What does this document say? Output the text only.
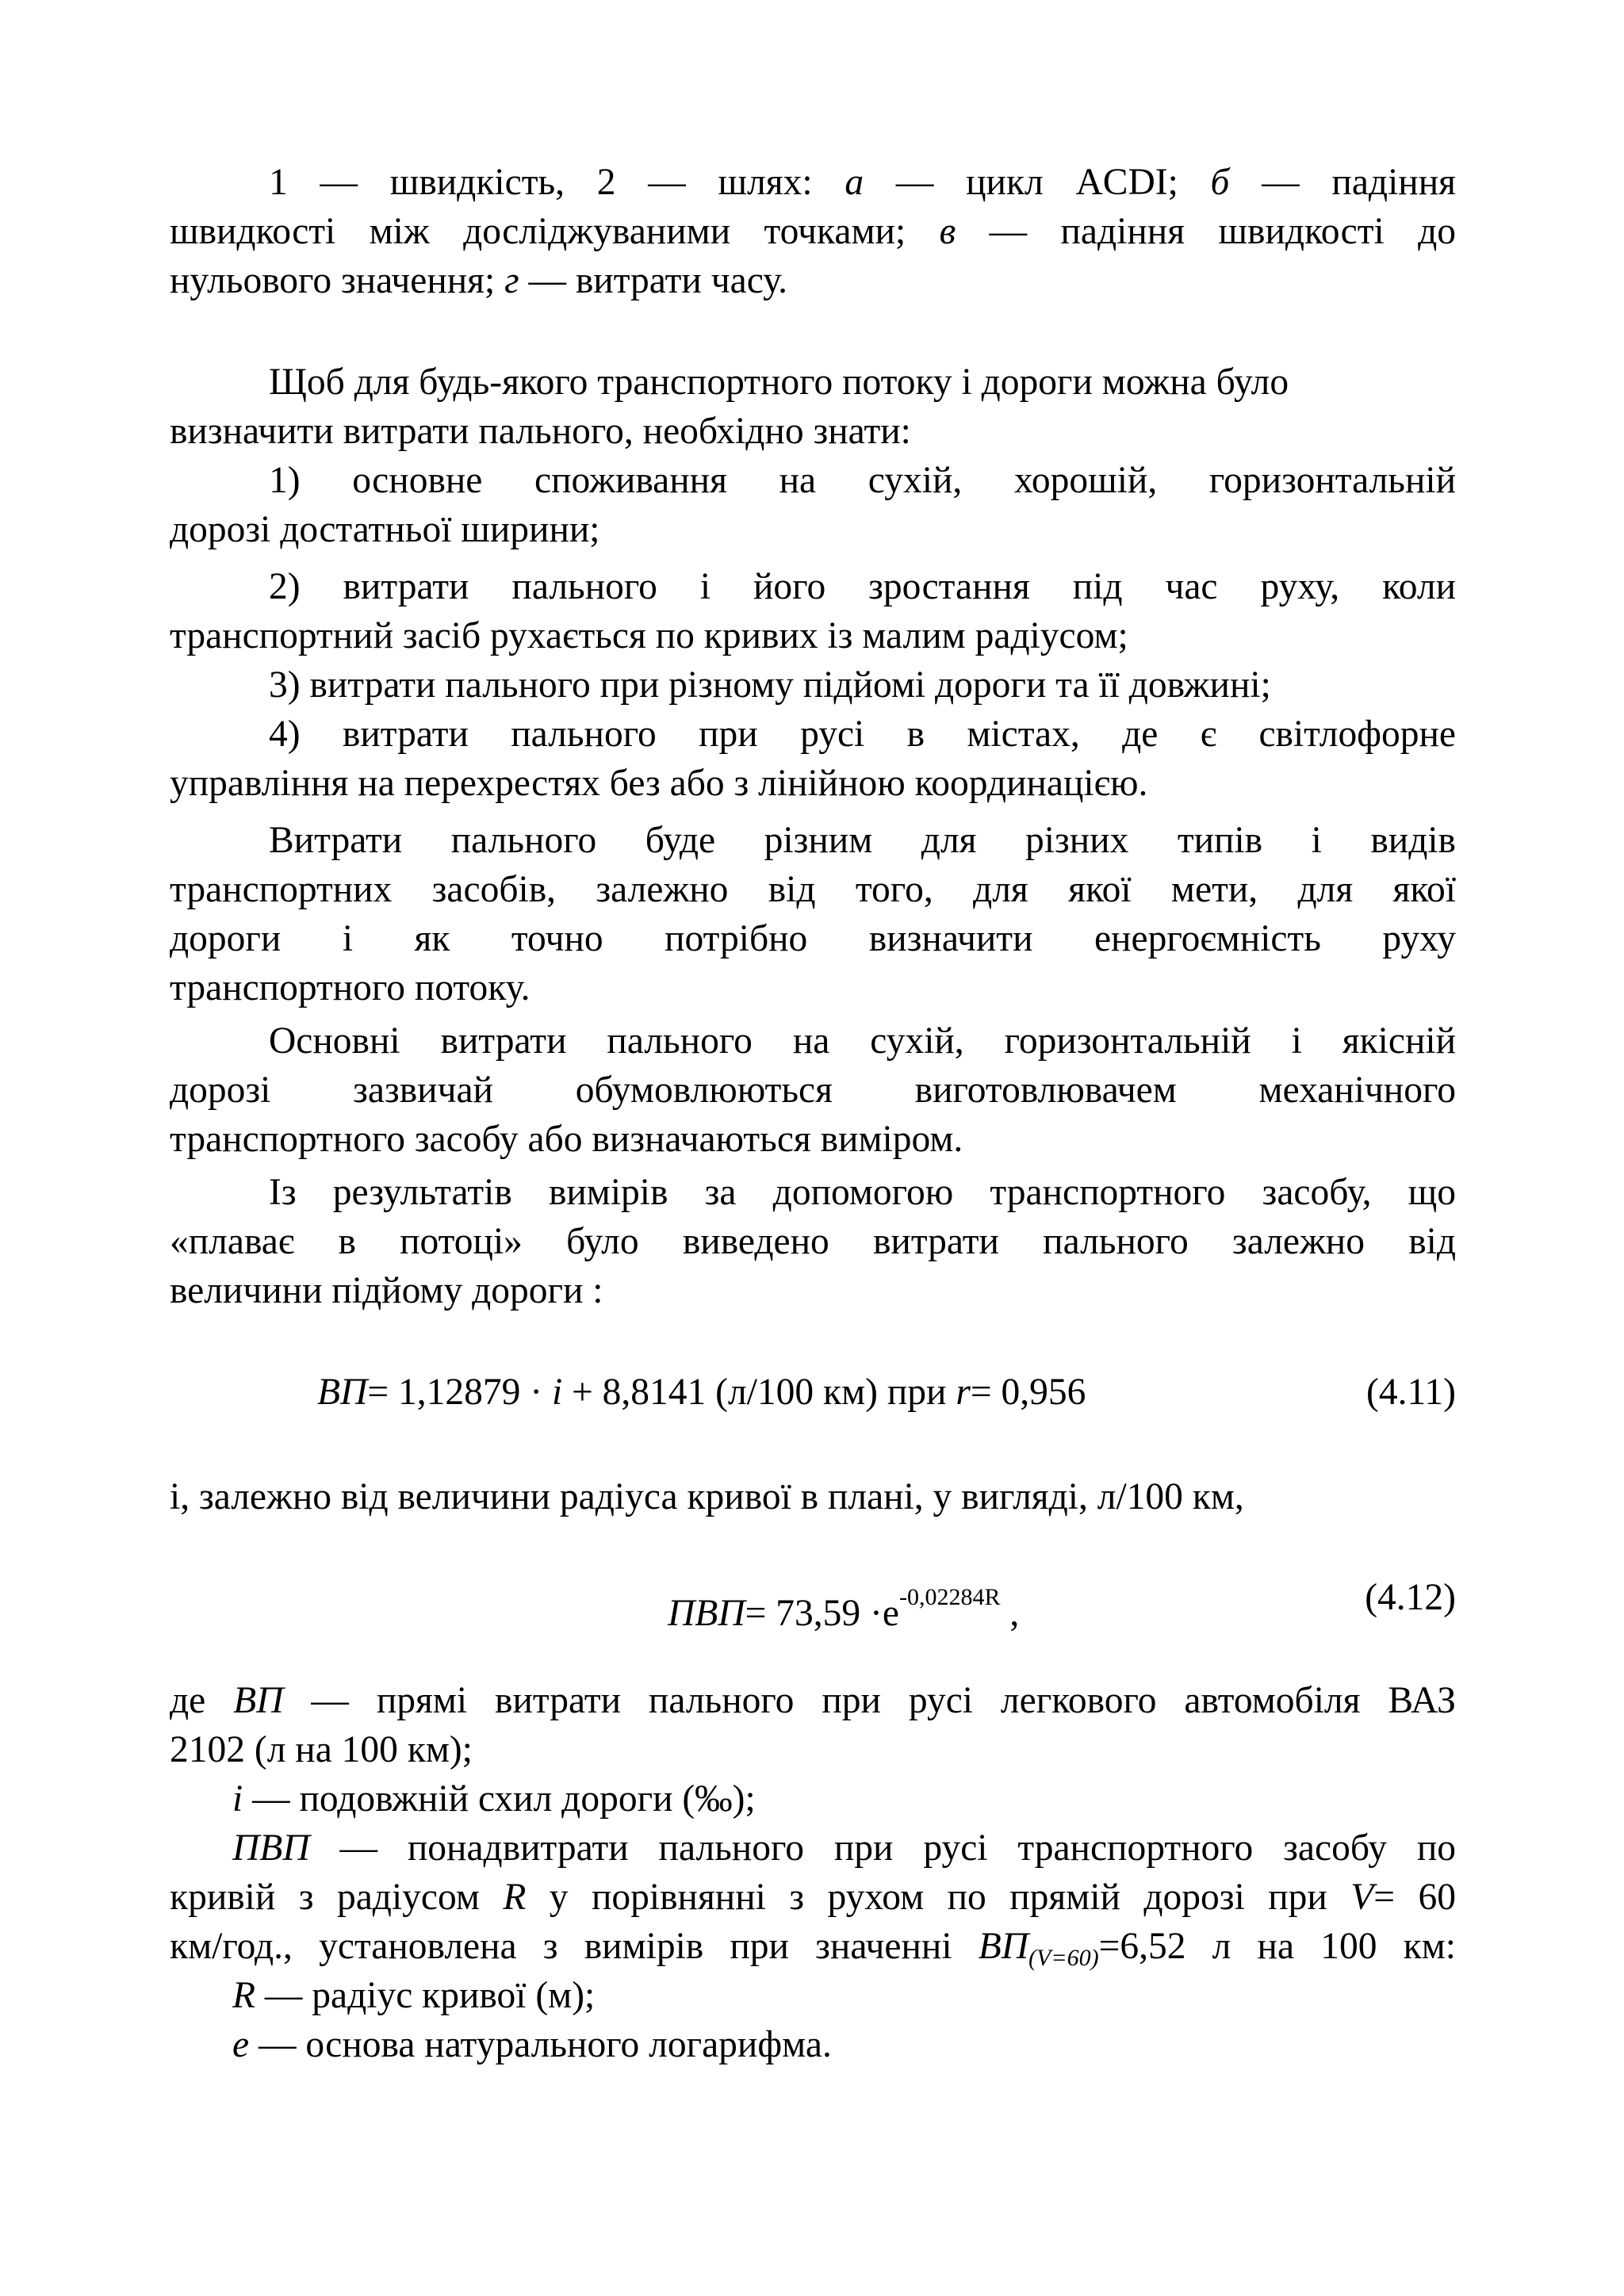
1 — швидкість, 2 — шлях: а — цикл ACDI; б — падіння
швидкості між досліджуваними точками; в — падіння швидкості до
нульового значення; г — витрати часу.
Щоб для будь-якого транспортного потоку і дороги можна було
визначити витрати пального, необхідно знати:
1) основне споживання на сухій, хорошій, горизонтальній
дорозі достатньої ширини;
2) витрати пального і його зростання під час руху, коли
транспортний засіб рухається по кривих із малим радіусом;
3) витрати пального при різному підйомі дороги та її довжині;
4) витрати пального при русі в містах, де є світлофорне
управління на перехрестях без або з лінійною координацією.
Витрати пального буде різним для різних типів і видів
транспортних засобів, залежно від того, для якої мети, для якої
дороги і як точно потрібно визначити енергоємність руху
транспортного потоку.
Основні витрати пального на сухій, горизонтальній і якісній
дорозі зазвичай обумовлюються виготовлювачем механічного
транспортного засобу або визначаються виміром.
Із результатів вимірів за допомогою транспортного засобу, що
«плаває в потоці» було виведено витрати пального залежно від
величини підйому дороги :
ВП= 1,12879 · i + 8,8141 (л/100 км) при r= 0,956	(4.11)
і, залежно від величини радіуса кривої в плані, у вигляді, л/100 км,
$ПВП= 73,59 \cdot e^{-0,02284R}$ ,	(4.12)
де ВП — прямі витрати пального при русі легкового автомобіля ВАЗ
2102 (л на 100 км);
i — подовжній схил дороги (‰);
ПВП — понадвитрати пального при русі транспортного засобу по
кривій з радіусом R у порівнянні з рухом по прямій дорозі при V= 60
км/год., установлена з вимірів при значенні $ВП_{(V=60)}=6,52$ л на 100 км:
R — радіус кривої (м);
e — основа натурального логарифма.
